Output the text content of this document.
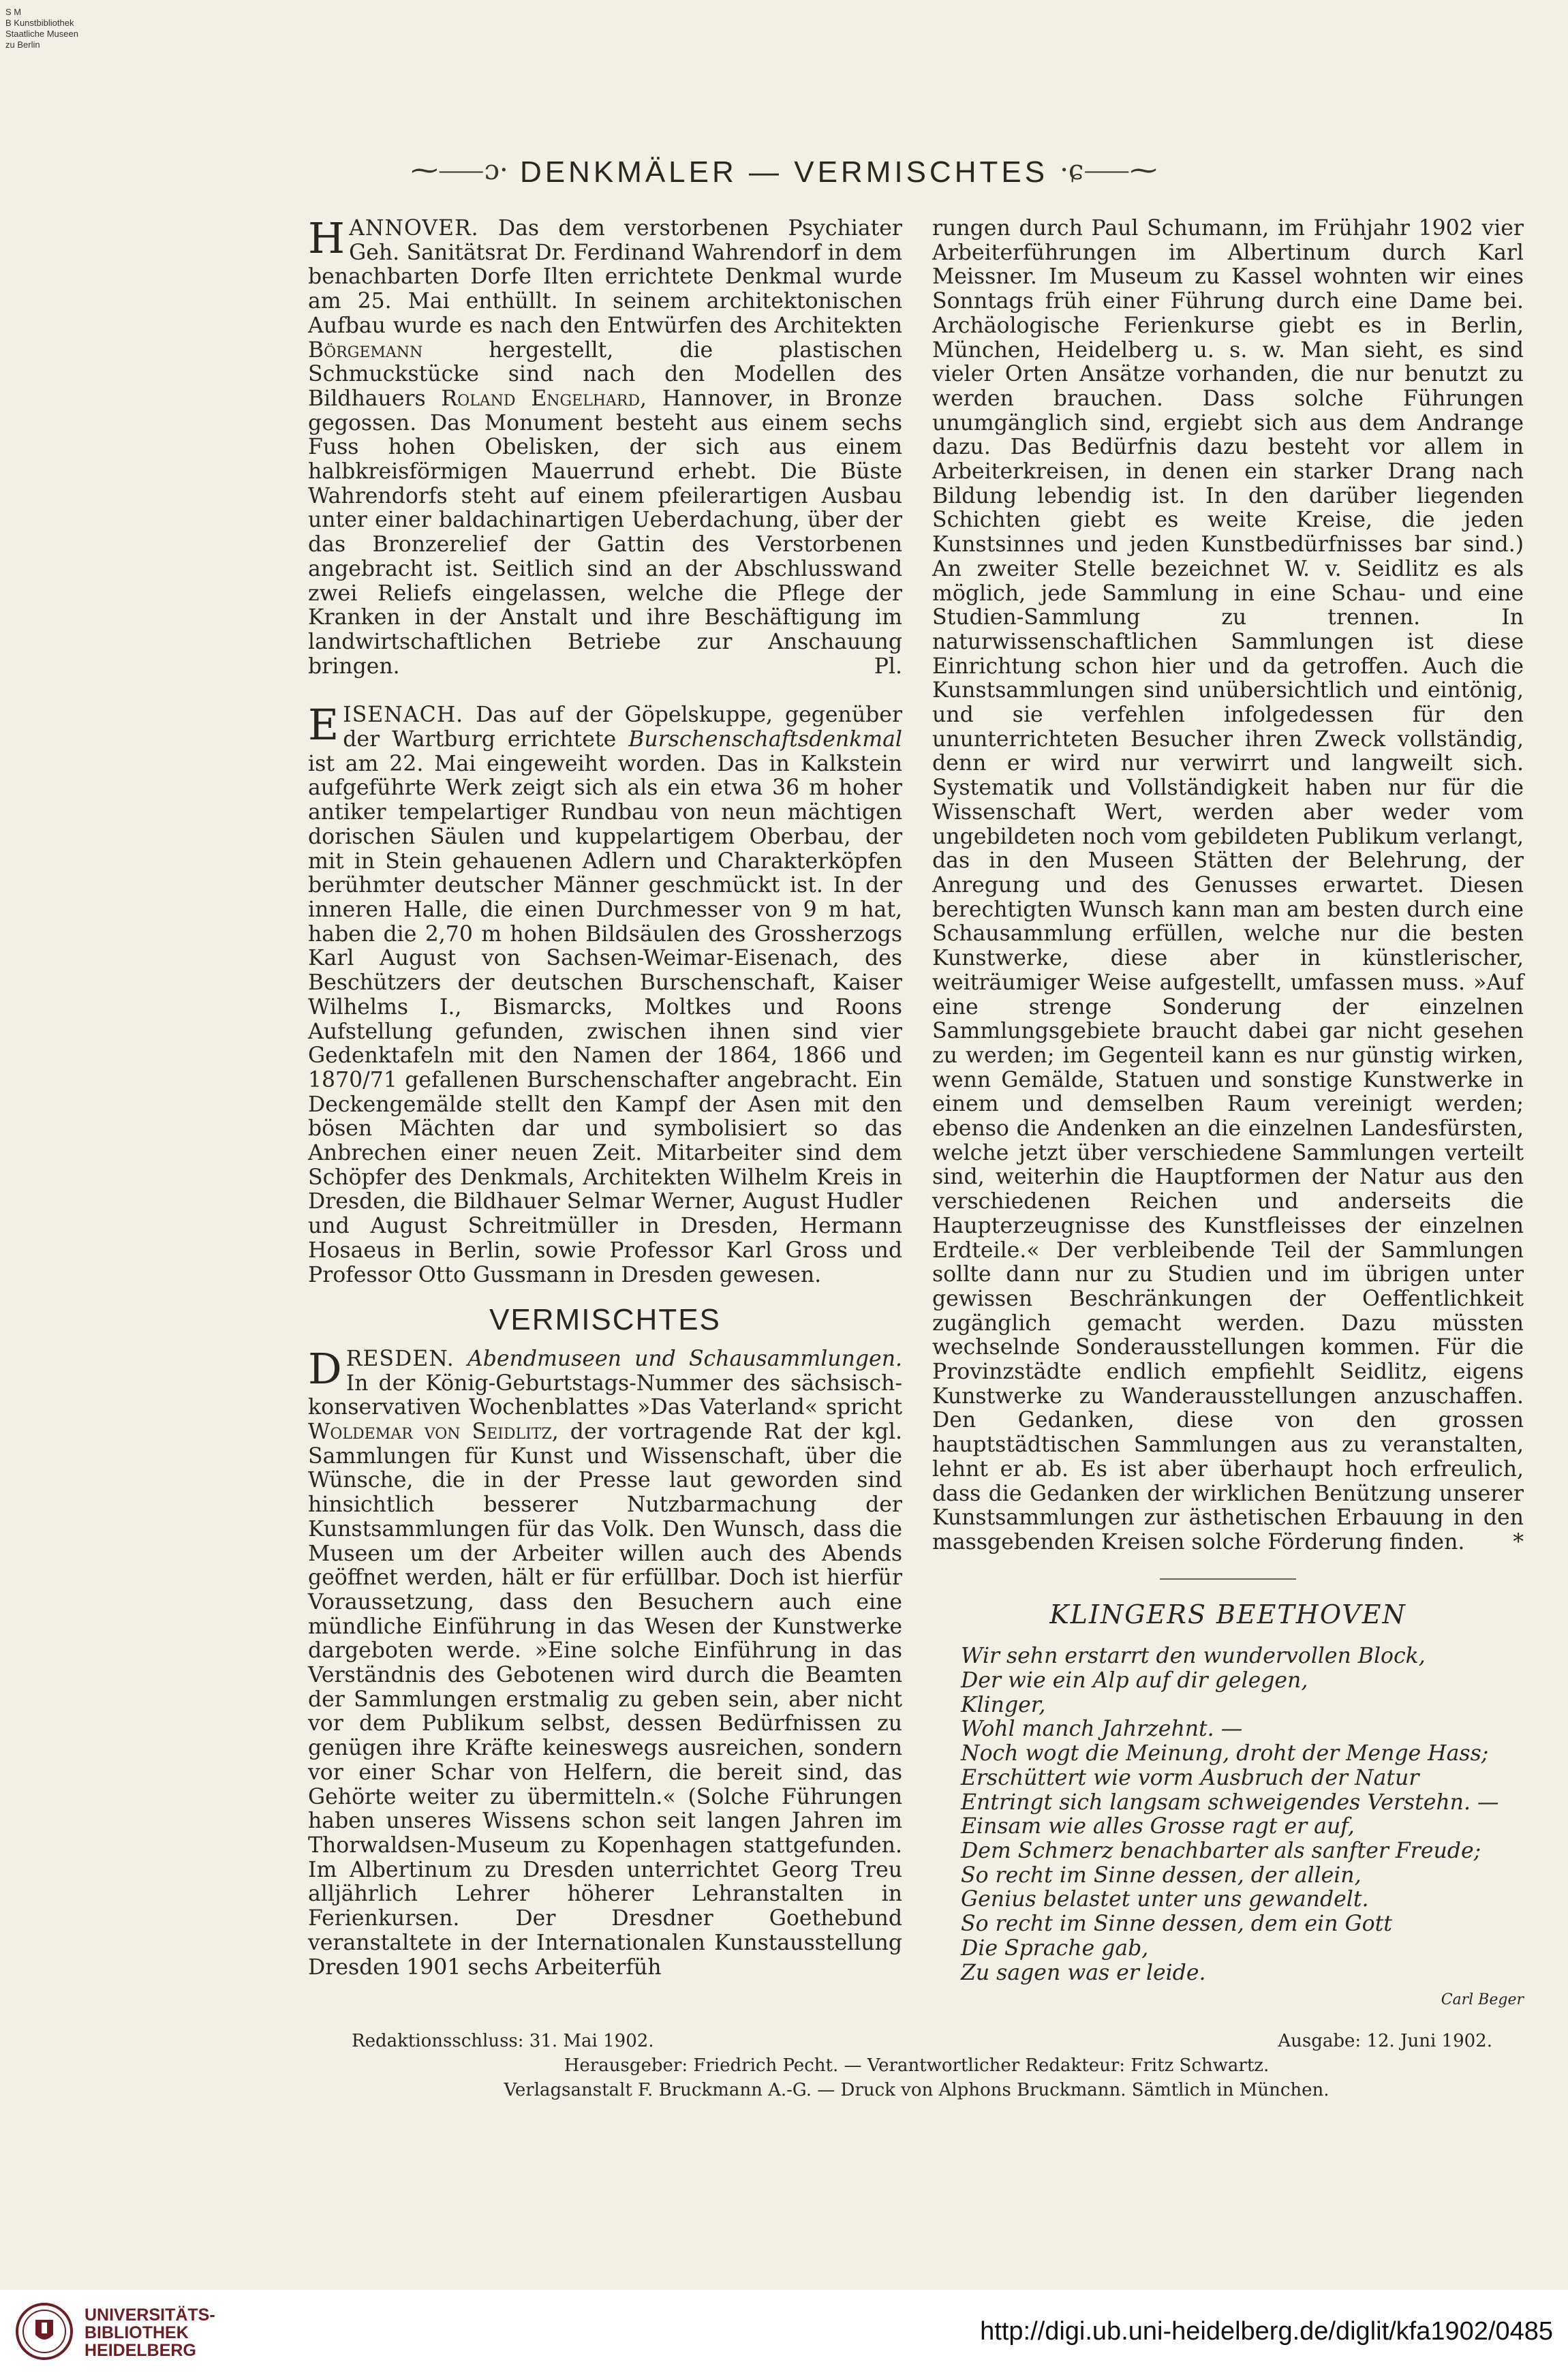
S M
B Kunstbibliothek
Staatliche Museen
zu Berlin
⁓⸺ɔ· DENKMÄLER — VERMISCHTES ·ɕ⸺⁓

HANNOVER. Das dem verstorbenen Psychiater Geh. Sanitätsrat Dr. Ferdinand Wahrendorf in dem benachbarten Dorfe Ilten errichtete Denkmal wurde am 25. Mai enthüllt. In seinem architektonischen Aufbau wurde es nach den Entwürfen des Architekten Börgemann hergestellt, die plastischen Schmuckstücke sind nach den Modellen des Bildhauers Roland Engelhard, Hannover, in Bronze gegossen. Das Monument besteht aus einem sechs Fuss hohen Obelisken, der sich aus einem halbkreisförmigen Mauerrund erhebt. Die Büste Wahrendorfs steht auf einem pfeilerartigen Ausbau unter einer baldachinartigen Ueberdachung, über der das Bronzerelief der Gattin des Verstorbenen angebracht ist. Seitlich sind an der Abschlusswand zwei Reliefs eingelassen, welche die Pflege der Kranken in der Anstalt und ihre Beschäftigung im landwirtschaftlichen Betriebe zur Anschauung bringen.	Pl.

EISENACH. Das auf der Göpelskuppe, gegenüber der Wartburg errichtete Burschenschaftsdenkmal ist am 22. Mai eingeweiht worden. Das in Kalkstein aufgeführte Werk zeigt sich als ein etwa 36 m hoher antiker tempelartiger Rundbau von neun mächtigen dorischen Säulen und kuppelartigem Oberbau, der mit in Stein gehauenen Adlern und Charakterköpfen berühmter deutscher Männer geschmückt ist. In der inneren Halle, die einen Durchmesser von 9 m hat, haben die 2,70 m hohen Bildsäulen des Grossherzogs Karl August von Sachsen-Weimar-Eisenach, des Beschützers der deutschen Burschenschaft, Kaiser Wilhelms I., Bismarcks, Moltkes und Roons Aufstellung gefunden, zwischen ihnen sind vier Gedenktafeln mit den Namen der 1864, 1866 und 1870/71 gefallenen Burschenschafter angebracht. Ein Deckengemälde stellt den Kampf der Asen mit den bösen Mächten dar und symbolisiert so das Anbrechen einer neuen Zeit. Mitarbeiter sind dem Schöpfer des Denkmals, Architekten Wilhelm Kreis in Dresden, die Bildhauer Selmar Werner, August Hudler und August Schreitmüller in Dresden, Hermann Hosaeus in Berlin, sowie Professor Karl Gross und Professor Otto Gussmann in Dresden gewesen.

VERMISCHTES

DRESDEN. Abendmuseen und Schausammlungen. In der König-Geburtstags-Nummer des sächsisch-konservativen Wochenblattes »Das Vaterland« spricht Woldemar von Seidlitz, der vortragende Rat der kgl. Sammlungen für Kunst und Wissenschaft, über die Wünsche, die in der Presse laut geworden sind hinsichtlich besserer Nutzbarmachung der Kunstsammlungen für das Volk. Den Wunsch, dass die Museen um der Arbeiter willen auch des Abends geöffnet werden, hält er für erfüllbar. Doch ist hierfür Voraussetzung, dass den Besuchern auch eine mündliche Einführung in das Wesen der Kunstwerke dargeboten werde. »Eine solche Einführung in das Verständnis des Gebotenen wird durch die Beamten der Sammlungen erstmalig zu geben sein, aber nicht vor dem Publikum selbst, dessen Bedürfnissen zu genügen ihre Kräfte keineswegs ausreichen, sondern vor einer Schar von Helfern, die bereit sind, das Gehörte weiter zu übermitteln.« (Solche Führungen haben unseres Wissens schon seit langen Jahren im Thorwaldsen-Museum zu Kopenhagen stattgefunden. Im Albertinum zu Dresden unterrichtet Georg Treu alljährlich Lehrer höherer Lehranstalten in Ferienkursen. Der Dresdner Goethebund veranstaltete in der Internationalen Kunstausstellung Dresden 1901 sechs Arbeiterfüh

rungen durch Paul Schumann, im Frühjahr 1902 vier Arbeiterführungen im Albertinum durch Karl Meissner. Im Museum zu Kassel wohnten wir eines Sonntags früh einer Führung durch eine Dame bei. Archäologische Ferienkurse giebt es in Berlin, München, Heidelberg u. s. w. Man sieht, es sind vieler Orten Ansätze vorhanden, die nur benutzt zu werden brauchen. Dass solche Führungen unumgänglich sind, ergiebt sich aus dem Andrange dazu. Das Bedürfnis dazu besteht vor allem in Arbeiterkreisen, in denen ein starker Drang nach Bildung lebendig ist. In den darüber liegenden Schichten giebt es weite Kreise, die jeden Kunstsinnes und jeden Kunstbedürfnisses bar sind.) An zweiter Stelle bezeichnet W. v. Seidlitz es als möglich, jede Sammlung in eine Schau- und eine Studien-Sammlung zu trennen. In naturwissenschaftlichen Sammlungen ist diese Einrichtung schon hier und da getroffen. Auch die Kunstsammlungen sind unübersichtlich und eintönig, und sie verfehlen infolgedessen für den ununterrichteten Besucher ihren Zweck vollständig, denn er wird nur verwirrt und langweilt sich. Systematik und Vollständigkeit haben nur für die Wissenschaft Wert, werden aber weder vom ungebildeten noch vom gebildeten Publikum verlangt, das in den Museen Stätten der Belehrung, der Anregung und des Genusses erwartet. Diesen berechtigten Wunsch kann man am besten durch eine Schausammlung erfüllen, welche nur die besten Kunstwerke, diese aber in künstlerischer, weiträumiger Weise aufgestellt, umfassen muss. »Auf eine strenge Sonderung der einzelnen Sammlungsgebiete braucht dabei gar nicht gesehen zu werden; im Gegenteil kann es nur günstig wirken, wenn Gemälde, Statuen und sonstige Kunstwerke in einem und demselben Raum vereinigt werden; ebenso die Andenken an die einzelnen Landesfürsten, welche jetzt über verschiedene Sammlungen verteilt sind, weiterhin die Hauptformen der Natur aus den verschiedenen Reichen und anderseits die Haupterzeugnisse des Kunstfleisses der einzelnen Erdteile.« Der verbleibende Teil der Sammlungen sollte dann nur zu Studien und im übrigen unter gewissen Beschränkungen der Oeffentlichkeit zugänglich gemacht werden. Dazu müssten wechselnde Sonderausstellungen kommen. Für die Provinzstädte endlich empfiehlt Seidlitz, eigens Kunstwerke zu Wanderausstellungen anzuschaffen. Den Gedanken, diese von den grossen hauptstädtischen Sammlungen aus zu veranstalten, lehnt er ab. Es ist aber überhaupt hoch erfreulich, dass die Gedanken der wirklichen Benützung unserer Kunstsammlungen zur ästhetischen Erbauung in den massgebenden Kreisen solche Förderung finden. *

KLINGERS BEETHOVEN
Wir sehn erstarrt den wundervollen Block,
Der wie ein Alp auf dir gelegen,
Klinger,
Wohl manch Jahrzehnt. —
Noch wogt die Meinung, droht der Menge Hass;
Erschüttert wie vorm Ausbruch der Natur
Entringt sich langsam schweigendes Verstehn. —
Einsam wie alles Grosse ragt er auf,
Dem Schmerz benachbarter als sanfter Freude;
So recht im Sinne dessen, der allein,
Genius belastet unter uns gewandelt.
So recht im Sinne dessen, dem ein Gott
Die Sprache gab,
Zu sagen was er leide.
Carl Beger
Redaktionsschluss: 31. Mai 1902.	Ausgabe: 12. Juni 1902.
Herausgeber: Friedrich Pecht. — Verantwortlicher Redakteur: Fritz Schwartz.
Verlagsanstalt F. Bruckmann A.-G. — Druck von Alphons Bruckmann. Sämtlich in München.
UNIVERSITÄTS-
BIBLIOTHEK
HEIDELBERG
http://digi.ub.uni-heidelberg.de/diglit/kfa1902/0485
